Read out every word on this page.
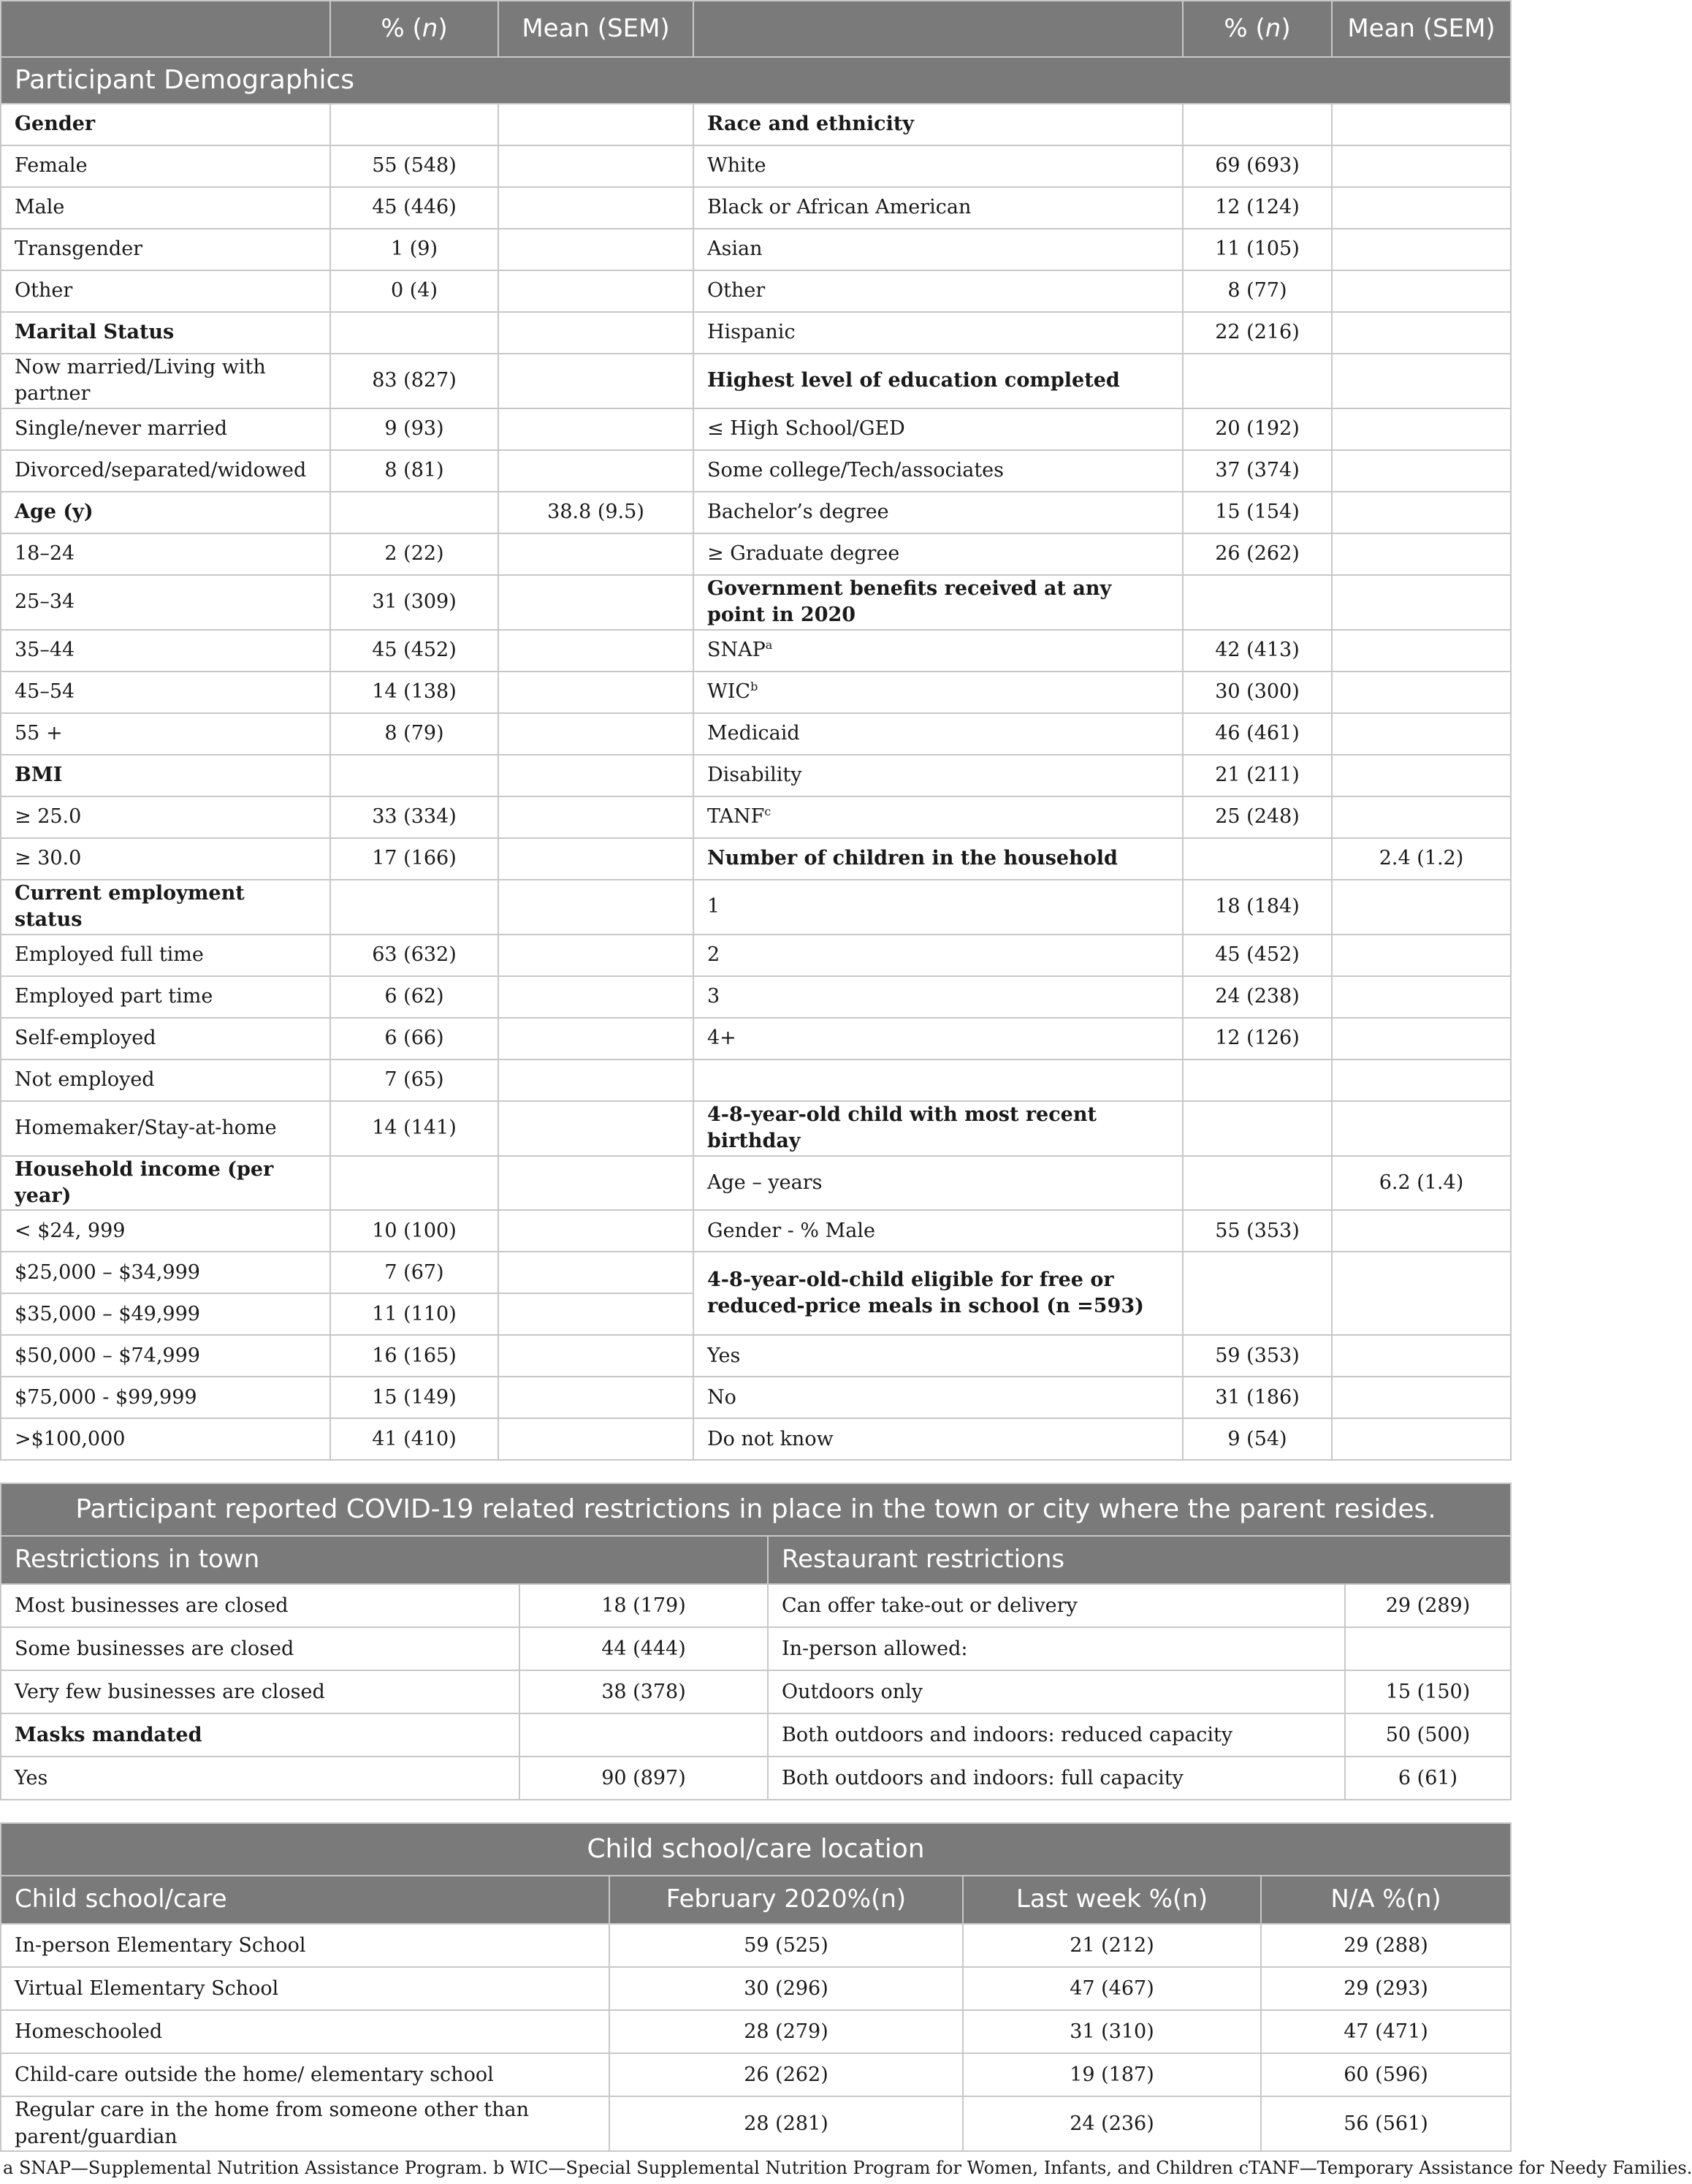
	% (n)	Mean (SEM)		% (n)	Mean (SEM)
Participant Demographics					
Gender			Race and ethnicity		
Female	55 (548)		White	69 (693)	
Male	45 (446)		Black or African American	12 (124)	
Transgender	1 (9)		Asian	11 (105)	
Other	0 (4)		Other	8 (77)	
Marital Status			Hispanic	22 (216)	
Now married/Living with partner	83 (827)		Highest level of education completed		
Single/never married	9 (93)		≤ High School/GED	20 (192)	
Divorced/separated/widowed	8 (81)		Some college/Tech/associates	37 (374)	
Age (y)		38.8 (9.5)	Bachelor’s degree	15 (154)	
18–24	2 (22)		≥ Graduate degree	26 (262)	
25–34	31 (309)		Government benefits received at any point in 2020		
35–44	45 (452)		SNAP$^a$	42 (413)	
45–54	14 (138)		WIC$^b$	30 (300)	
55 +	8 (79)		Medicaid	46 (461)	
BMI			Disability	21 (211)	
≥ 25.0	33 (334)		TANF$^c$	25 (248)	
≥ 30.0	17 (166)		Number of children in the household		2.4 (1.2)
Current employment status			1	18 (184)	
Employed full time	63 (632)		2	45 (452)	
Employed part time	6 (62)		3	24 (238)	
Self-employed	6 (66)		4+	12 (126)	
Not employed	7 (65)				
Homemaker/Stay-at-home	14 (141)		4-8-year-old child with most recent birthday		
Household income (per year)			Age – years		6.2 (1.4)
< $24, 999	10 (100)		Gender - % Male	55 (353)	
$25,000 – $34,999	7 (67)		4-8-year-old-child eligible for free or reduced-price meals in school (n =593)		
$35,000 – $49,999	11 (110)				
$50,000 – $74,999	16 (165)		Yes	59 (353)	
$75,000 - $99,999	15 (149)		No	31 (186)	
>$100,000	41 (410)		Do not know	9 (54)	
Participant reported COVID-19 related restrictions in place in the town or city where the parent resides.			
Restrictions in town		Restaurant restrictions	
Most businesses are closed	18 (179)	Can offer take-out or delivery	29 (289)
Some businesses are closed	44 (444)	In-person allowed:	
Very few businesses are closed	38 (378)	Outdoors only	15 (150)
Masks mandated		Both outdoors and indoors: reduced capacity	50 (500)
Yes	90 (897)	Both outdoors and indoors: full capacity	6 (61)
Child school/care location			
Child school/care	February 2020%(n)	Last week %(n)	N/A %(n)
In-person Elementary School	59 (525)	21 (212)	29 (288)
Virtual Elementary School	30 (296)	47 (467)	29 (293)
Homeschooled	28 (279)	31 (310)	47 (471)
Child-care outside the home/ elementary school	26 (262)	19 (187)	60 (596)
Regular care in the home from someone other than parent/guardian	28 (281)	24 (236)	56 (561)
a SNAP—Supplemental Nutrition Assistance Program. b WIC—Special Supplemental Nutrition Program for Women, Infants, and Children cTANF—Temporary Assistance for Needy Families.
